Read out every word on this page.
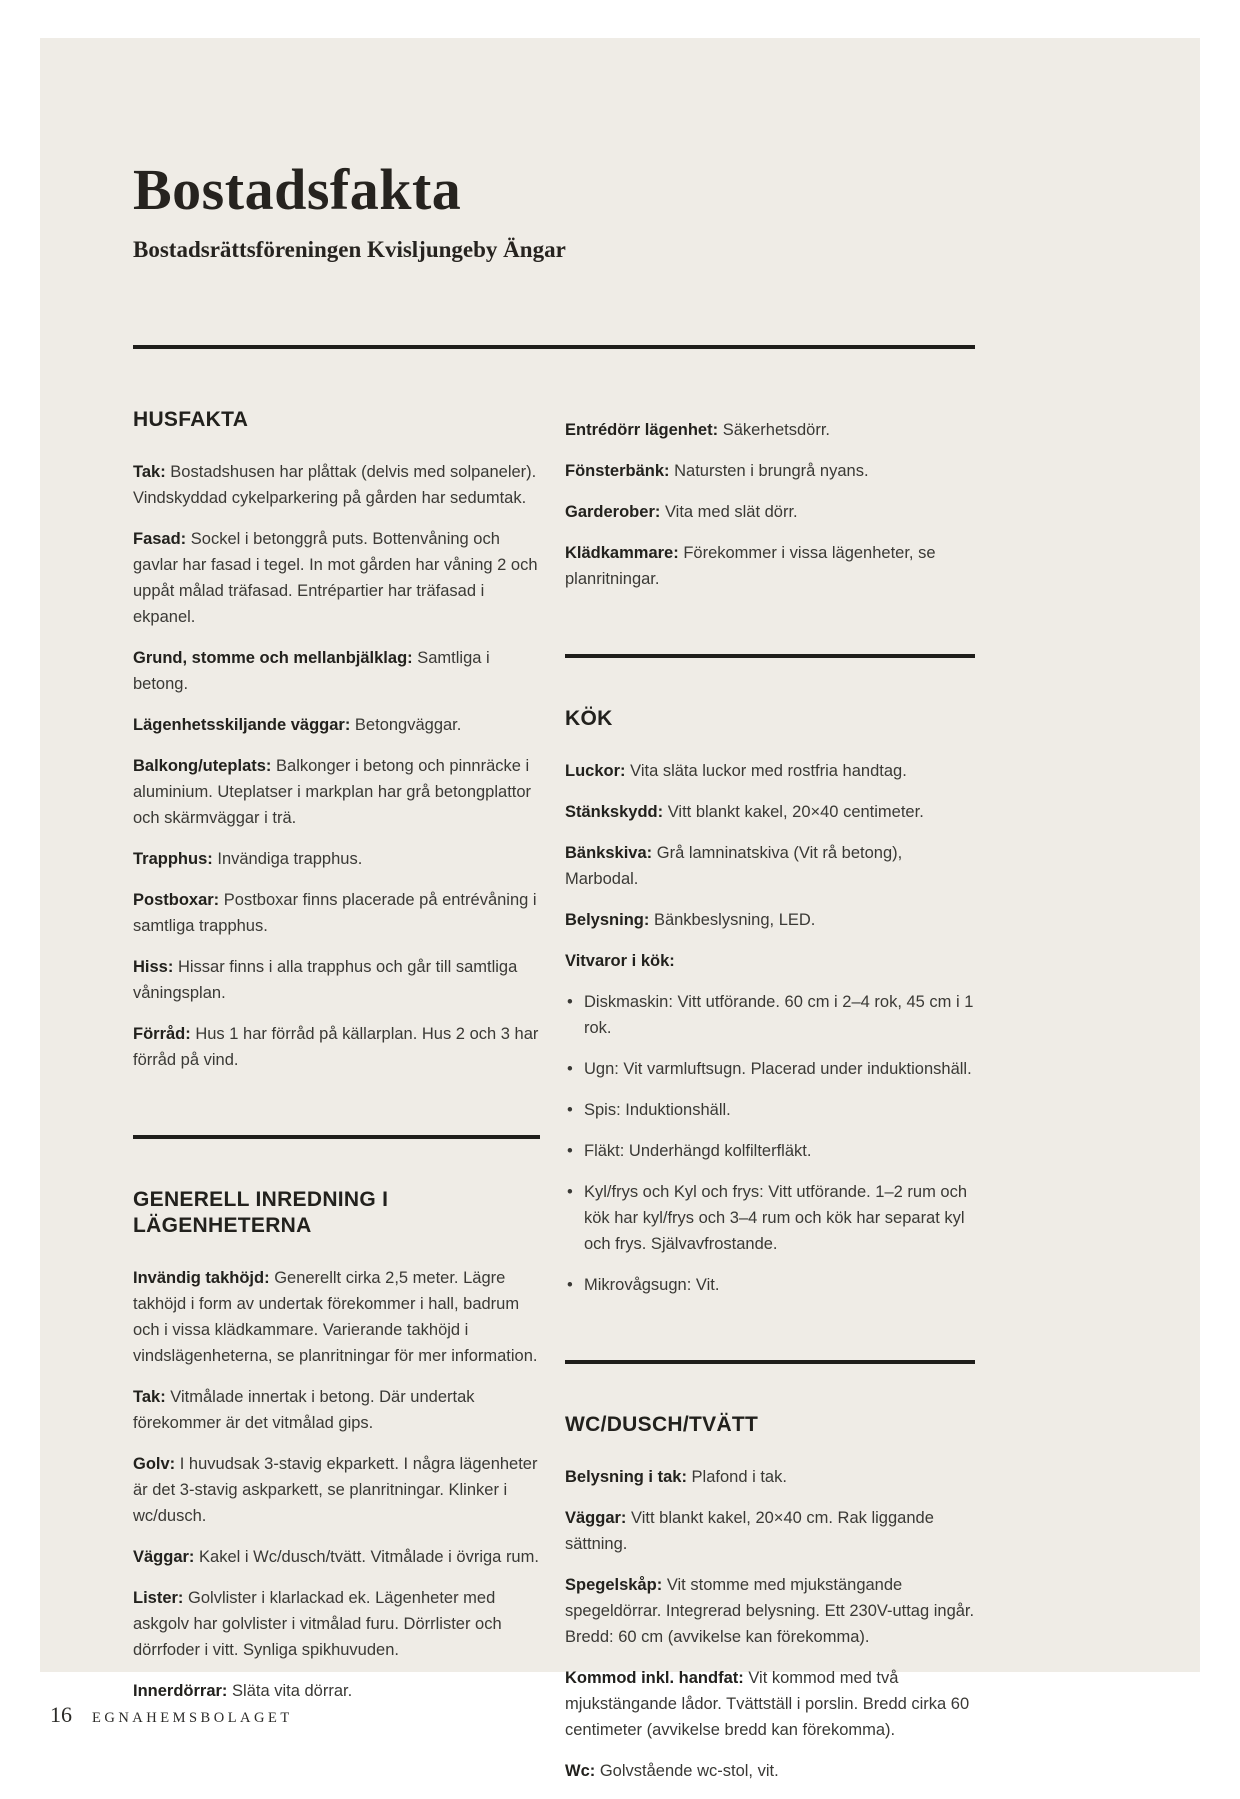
Bostadsfakta
Bostadsrättsföreningen Kvisljungeby Ängar
HUSFAKTA

Tak: Bostadshusen har plåttak (delvis med solpaneler). Vindskyddad cykelparkering på gården har sedumtak.

Fasad: Sockel i betonggrå puts. Bottenvåning och gavlar har fasad i tegel. In mot gården har våning 2 och uppåt målad träfasad. Entrépartier har träfasad i ekpanel.

Grund, stomme och mellanbjälklag: Samtliga i betong.

Lägenhetsskiljande väggar: Betongväggar.

Balkong/uteplats: Balkonger i betong och pinnräcke i aluminium. Uteplatser i markplan har grå betongplattor och skärmväggar i trä.

Trapphus: Invändiga trapphus.

Postboxar: Postboxar finns placerade på entrévåning i samtliga trapphus.

Hiss: Hissar finns i alla trapphus och går till samtliga våningsplan.

Förråd: Hus 1 har förråd på källarplan. Hus 2 och 3 har förråd på vind.

GENERELL INREDNING I LÄGENHETERNA

Invändig takhöjd: Generellt cirka 2,5 meter. Lägre takhöjd i form av undertak förekommer i hall, badrum och i vissa klädkammare. Varierande takhöjd i vindslägenheterna, se planritningar för mer information.

Tak: Vitmålade innertak i betong. Där undertak förekommer är det vitmålad gips.

Golv: I huvudsak 3-stavig ekparkett. I några lägenheter är det 3-stavig askparkett, se planritningar. Klinker i wc/dusch.

Väggar: Kakel i Wc/dusch/tvätt. Vitmålade i övriga rum.

Lister: Golvlister i klarlackad ek. Lägenheter med askgolv har golvlister i vitmålad furu. Dörrlister och dörrfoder i vitt. Synliga spikhuvuden.

Innerdörrar: Släta vita dörrar.

Entrédörr lägenhet: Säkerhetsdörr.

Fönsterbänk: Natursten i brungrå nyans.

Garderober: Vita med slät dörr.

Klädkammare: Förekommer i vissa lägenheter, se planritningar.

KÖK

Luckor: Vita släta luckor med rostfria handtag.

Stänkskydd: Vitt blankt kakel, 20×40 centimeter.

Bänkskiva: Grå lamninatskiva (Vit rå betong), Marbodal.

Belysning: Bänkbeslysning, LED.

Vitvaror i kök:

• Diskmaskin: Vitt utförande. 60 cm i 2–4 rok, 45 cm i 1 rok.
• Ugn: Vit varmluftsugn. Placerad under induktionshäll.
• Spis: Induktionshäll.
• Fläkt: Underhängd kolfilterfläkt.
• Kyl/frys och Kyl och frys: Vitt utförande. 1–2 rum och kök har kyl/frys och 3–4 rum och kök har separat kyl och frys. Självavfrostande.
• Mikrovågsugn: Vit.
WC/DUSCH/TVÄTT

Belysning i tak: Plafond i tak.

Väggar: Vitt blankt kakel, 20×40 cm. Rak liggande sättning.

Spegelskåp: Vit stomme med mjukstängande spegeldörrar. Integrerad belysning. Ett 230V-uttag ingår. Bredd: 60 cm (avvikelse kan förekomma).

Kommod inkl. handfat: Vit kommod med två mjukstängande lådor. Tvättställ i porslin. Bredd cirka 60 centimeter (avvikelse bredd kan förekomma).

Wc: Golvstående wc-stol, vit.

16 EGNAHEMSBOLAGET
